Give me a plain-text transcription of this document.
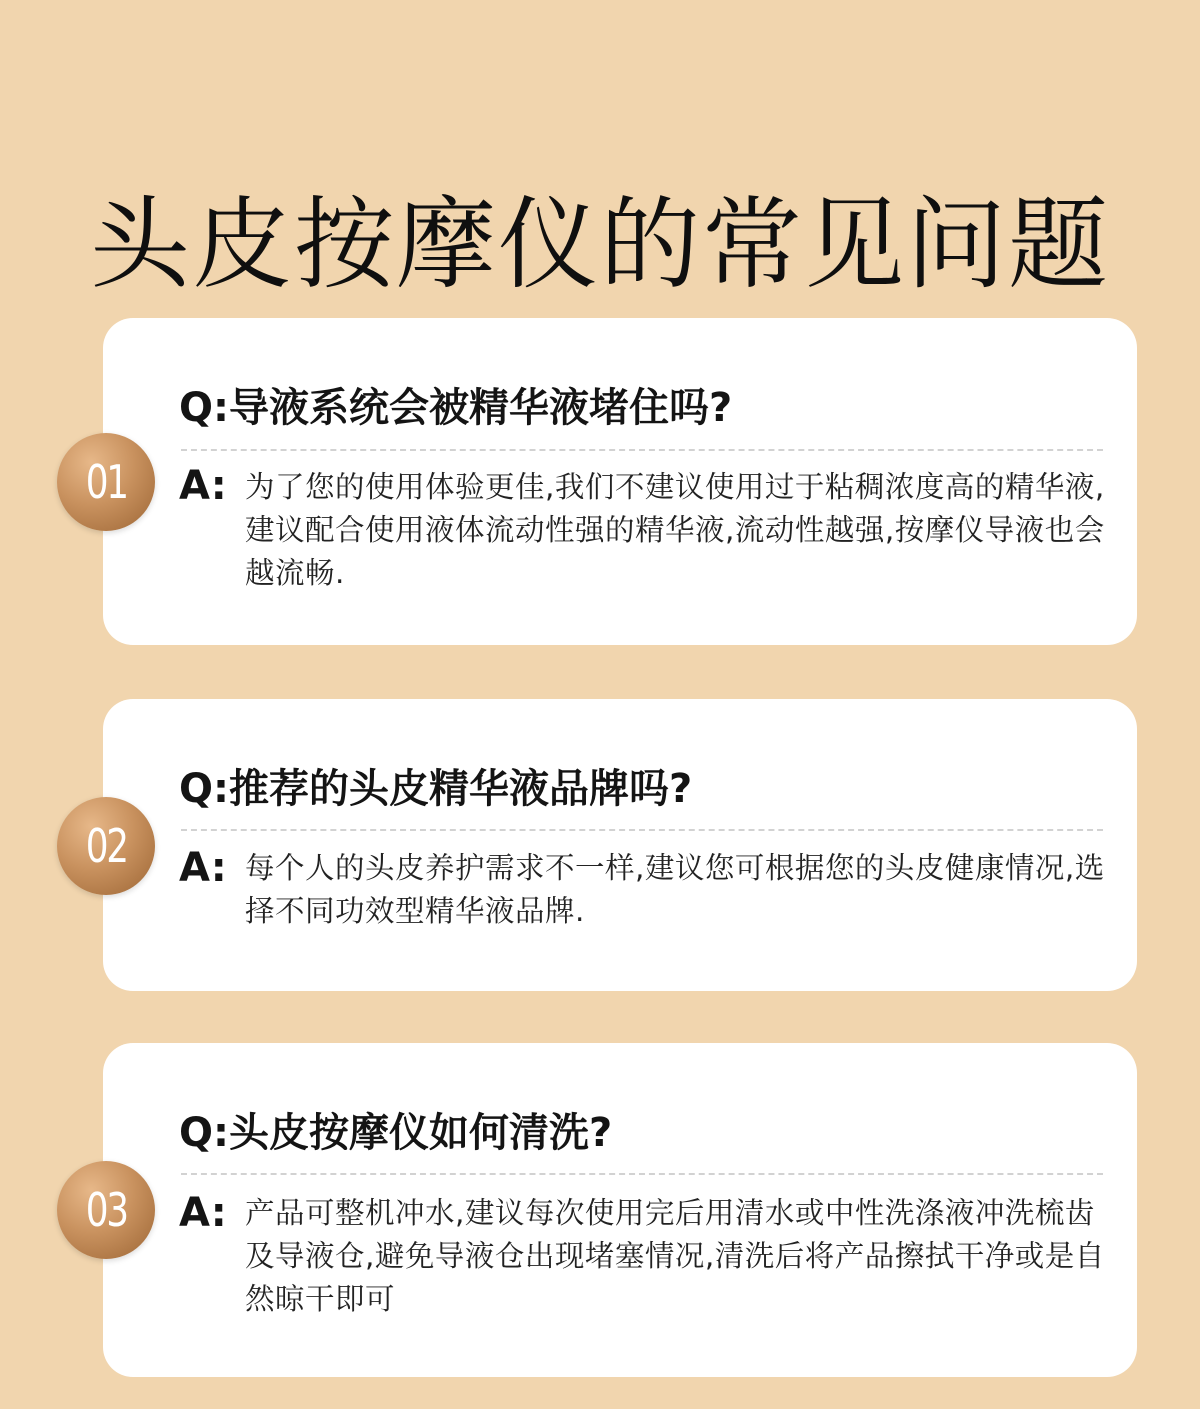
头皮按摩仪的常见问题
01
Q:导液系统会被精华液堵住吗?
A: 为了您的使用体验更佳,我们不建议使用过于粘稠浓度高的精华液,建议配合使用液体流动性强的精华液,流动性越强,按摩仪导液也会越流畅.
02
Q:推荐的头皮精华液品牌吗?
A: 每个人的头皮养护需求不一样,建议您可根据您的头皮健康情况,选择不同功效型精华液品牌.
03
Q:头皮按摩仪如何清洗?
A: 产品可整机冲水,建议每次使用完后用清水或中性洗涤液冲洗梳齿及导液仓,避免导液仓出现堵塞情况,清洗后将产品擦拭干净或是自然晾干即可
